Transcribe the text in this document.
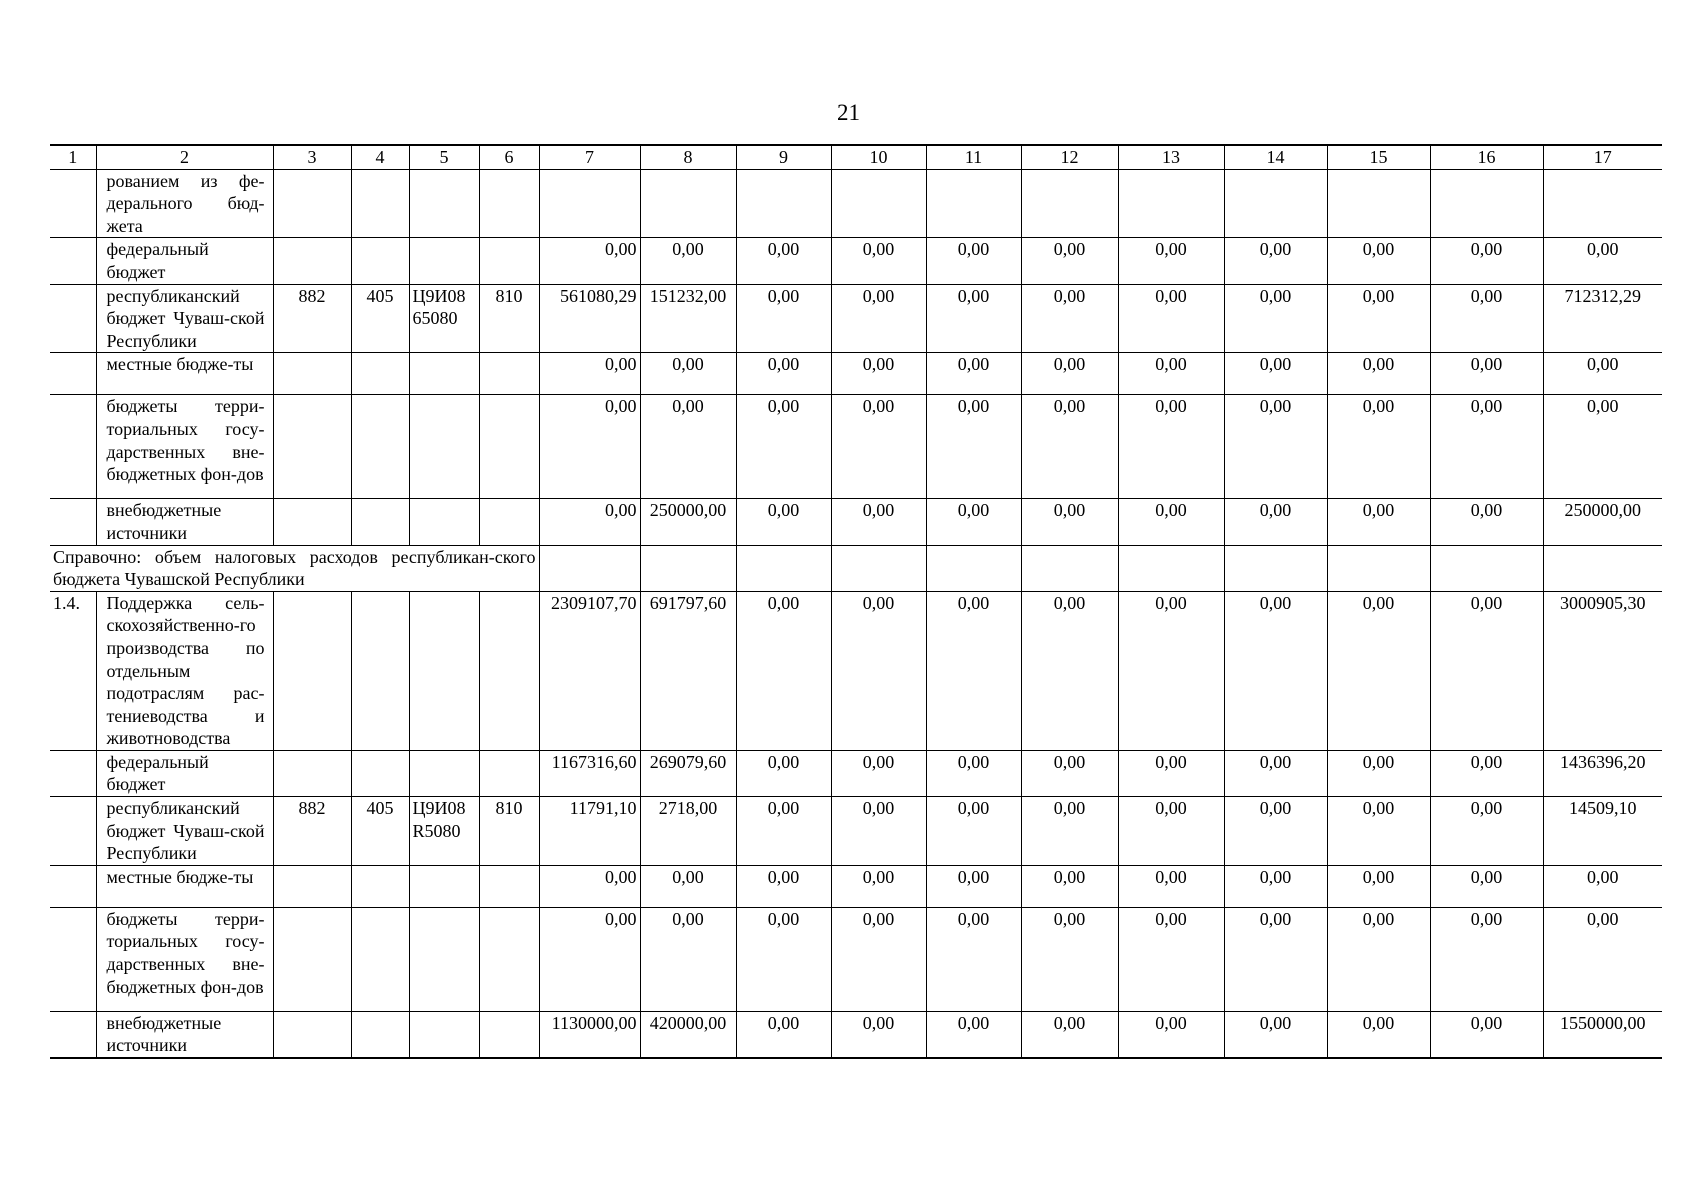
21
1	2	3	4	5	6	7	8	9	10	11	12	13	14	15	16	17
	рованием из фе-дерального бюд-жета															
	федеральный бюджет					0,00	0,00	0,00	0,00	0,00	0,00	0,00	0,00	0,00	0,00	0,00
	республиканский бюджет Чуваш-ской Республики	882	405	Ц9И08 65080	810	561080,29	151232,00	0,00	0,00	0,00	0,00	0,00	0,00	0,00	0,00	712312,29
	местные бюдже-ты					0,00	0,00	0,00	0,00	0,00	0,00	0,00	0,00	0,00	0,00	0,00
	бюджеты терри-ториальных госу-дарственных вне-бюджетных фон-дов					0,00	0,00	0,00	0,00	0,00	0,00	0,00	0,00	0,00	0,00	0,00
	внебюджетные источники					0,00	250000,00	0,00	0,00	0,00	0,00	0,00	0,00	0,00	0,00	250000,00
Справочно: объем налоговых расходов республикан-ского бюджета Чувашской Республики																
1.4.	Поддержка сель-скохозяйственно-го производства по отдельным подотраслям рас-тениеводства и животноводства					2309107,70	691797,60	0,00	0,00	0,00	0,00	0,00	0,00	0,00	0,00	3000905,30
	федеральный бюджет					1167316,60	269079,60	0,00	0,00	0,00	0,00	0,00	0,00	0,00	0,00	1436396,20
	республиканский бюджет Чуваш-ской Республики	882	405	Ц9И08 R5080	810	11791,10	2718,00	0,00	0,00	0,00	0,00	0,00	0,00	0,00	0,00	14509,10
	местные бюдже-ты					0,00	0,00	0,00	0,00	0,00	0,00	0,00	0,00	0,00	0,00	0,00
	бюджеты терри-ториальных госу-дарственных вне-бюджетных фон-дов					0,00	0,00	0,00	0,00	0,00	0,00	0,00	0,00	0,00	0,00	0,00
	внебюджетные источники					1130000,00	420000,00	0,00	0,00	0,00	0,00	0,00	0,00	0,00	0,00	1550000,00
